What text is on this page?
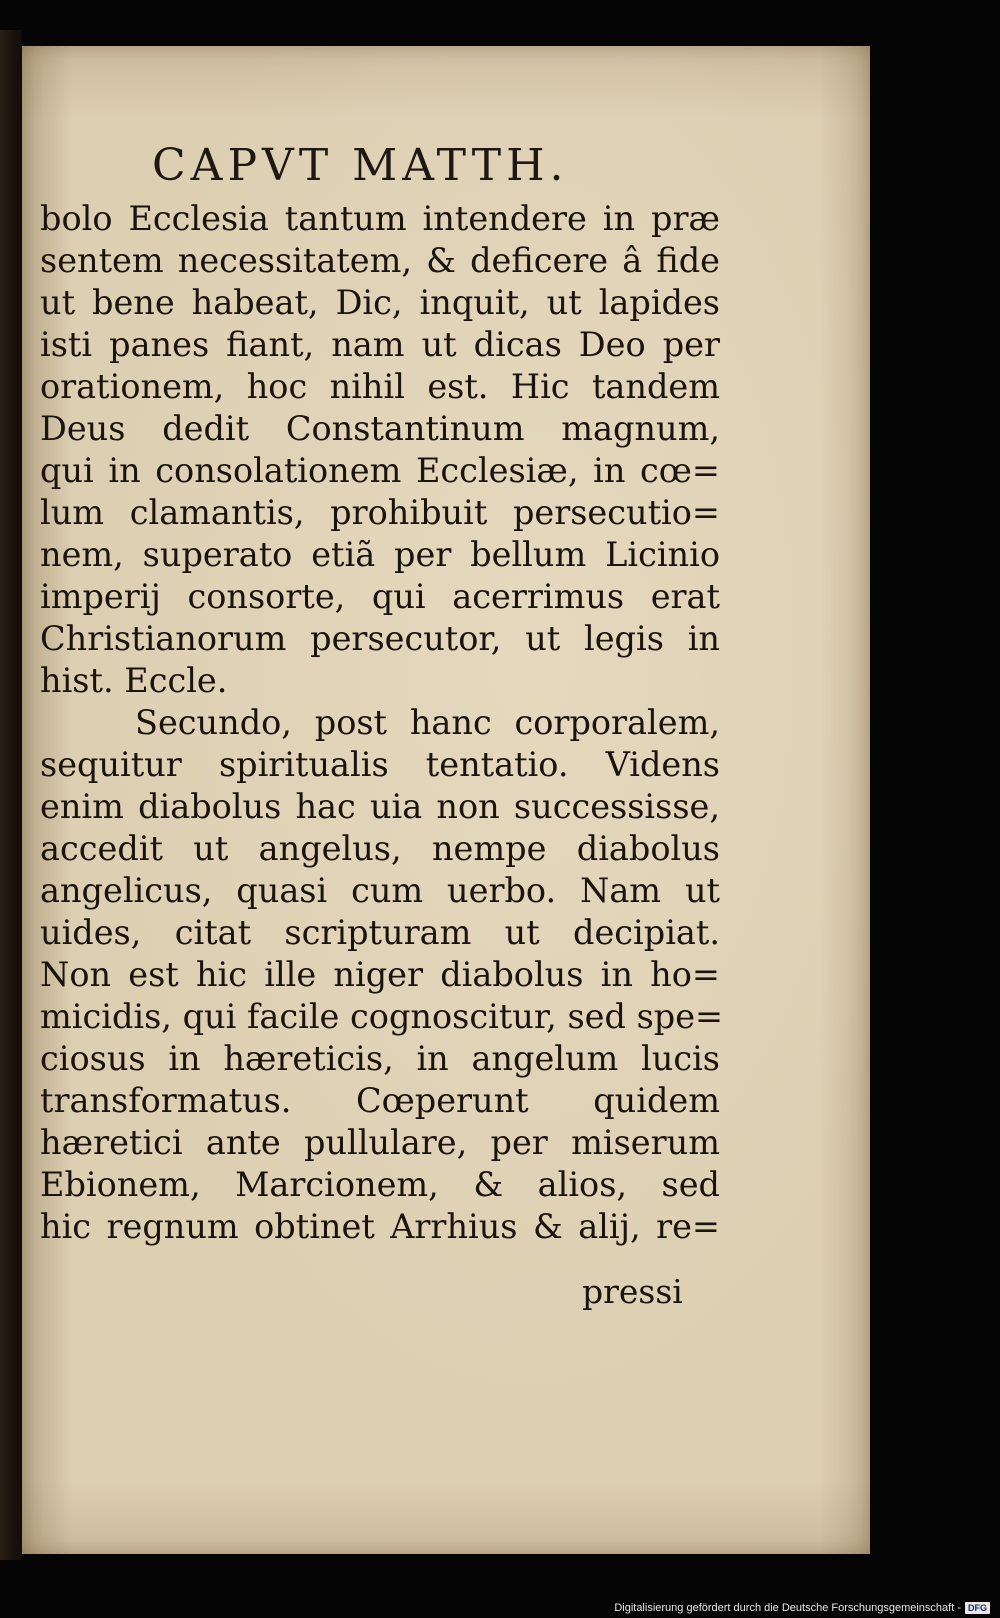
CAPVT MATTH.
bolo Ecclesia tantum intendere in præ
sentem necessitatem, & deficere â fide
ut bene habeat, Dic, inquit, ut lapides
isti panes fiant, nam ut dicas Deo per
orationem, hoc nihil est. Hic tandem
Deus dedit Constantinum magnum,
qui in consolationem Ecclesiæ, in cœ=
lum clamantis, prohibuit persecutio=
nem, superato etiã per bellum Licinio
imperij consorte, qui acerrimus erat
Christianorum persecutor, ut legis in
hist. Eccle.
Secundo, post hanc corporalem,
sequitur spiritualis tentatio. Videns
enim diabolus hac uia non successisse,
accedit ut angelus, nempe diabolus
angelicus, quasi cum uerbo. Nam ut
uides, citat scripturam ut decipiat.
Non est hic ille niger diabolus in ho=
micidis, qui facile cognoscitur, sed spe=
ciosus in hæreticis, in angelum lucis
transformatus. Cœperunt quidem
hæretici ante pullulare, per miserum
Ebionem, Marcionem, & alios, sed
hic regnum obtinet Arrhius & alij, re=
pressi
Digitalisierung gefördert durch die Deutsche Forschungsgemeinschaft - DFG
